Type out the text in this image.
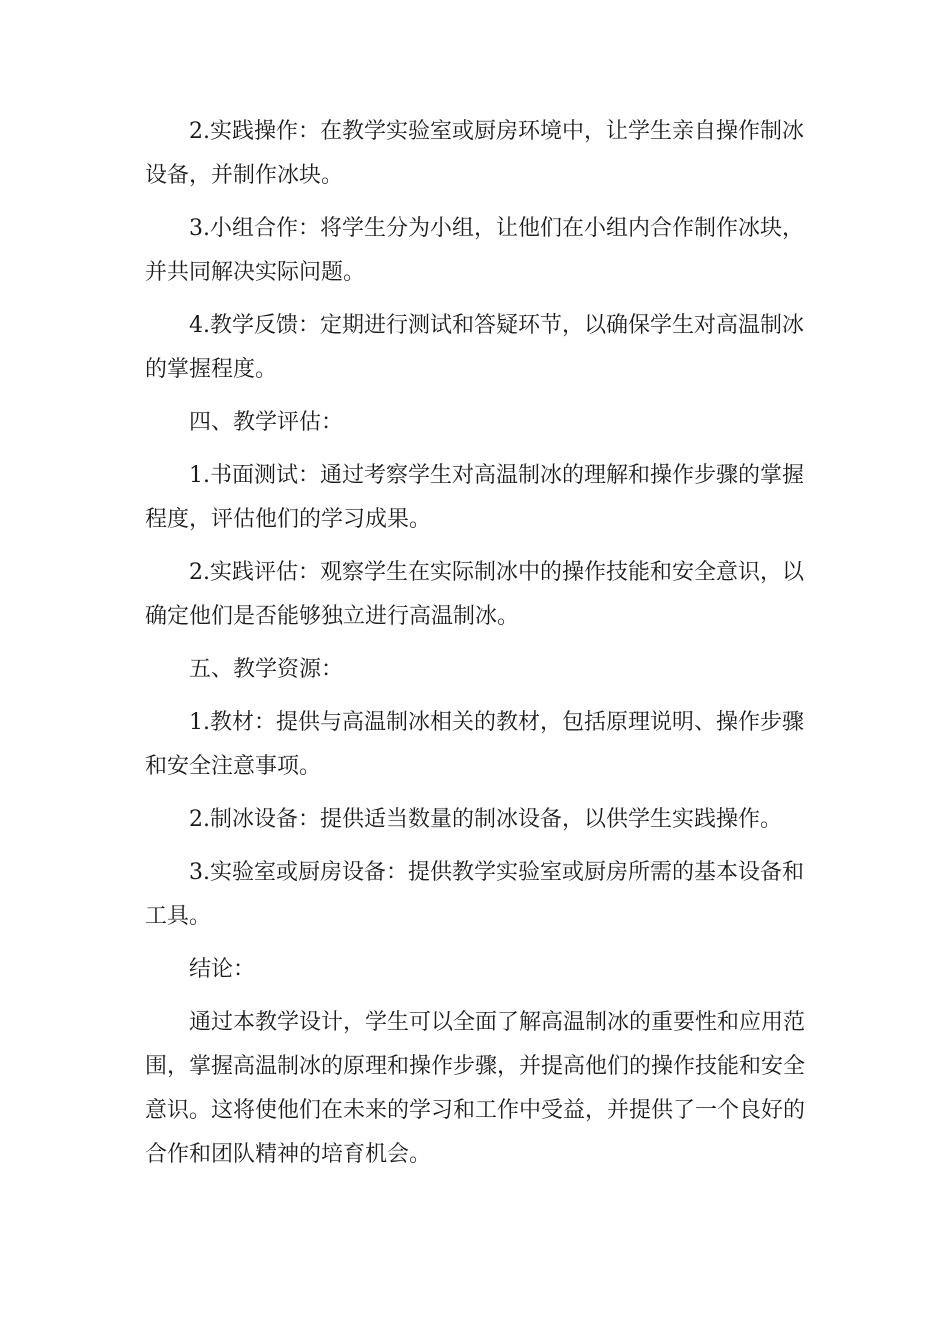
2.实践操作：在教学实验室或厨房环境中，让学生亲自操作制冰设备，并制作冰块。

3.小组合作：将学生分为小组，让他们在小组内合作制作冰块，并共同解决实际问题。

4.教学反馈：定期进行测试和答疑环节，以确保学生对高温制冰的掌握程度。

四、教学评估：

1.书面测试：通过考察学生对高温制冰的理解和操作步骤的掌握程度，评估他们的学习成果。

2.实践评估：观察学生在实际制冰中的操作技能和安全意识，以确定他们是否能够独立进行高温制冰。

五、教学资源：

1.教材：提供与高温制冰相关的教材，包括原理说明、操作步骤和安全注意事项。

2.制冰设备：提供适当数量的制冰设备，以供学生实践操作。

3.实验室或厨房设备：提供教学实验室或厨房所需的基本设备和工具。

结论：

通过本教学设计，学生可以全面了解高温制冰的重要性和应用范围，掌握高温制冰的原理和操作步骤，并提高他们的操作技能和安全意识。这将使他们在未来的学习和工作中受益，并提供了一个良好的合作和团队精神的培育机会。
